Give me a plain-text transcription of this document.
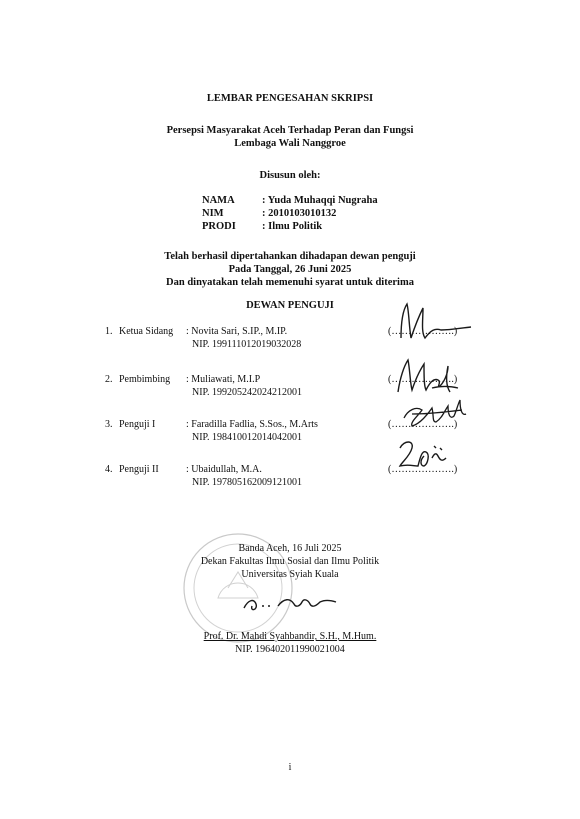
LEMBAR PENGESAHAN SKRIPSI
Persepsi Masyarakat Aceh Terhadap Peran dan Fungsi
Lembaga Wali Nanggroe
Disusun oleh:
NAMA	: Yuda Muhaqqi Nugraha
NIM	: 2010103010132
PRODI : Ilmu Politik
Telah berhasil dipertahankan dihadapan dewan penguji
Pada Tanggal, 26 Juni 2025
Dan dinyatakan telah memenuhi syarat untuk diterima
DEWAN PENGUJI
1. Ketua Sidang : Novita Sari, S.IP., M.IP.
NIP. 199111012019032028
(……………….)
2. Pembimbing : Muliawati, M.I.P
NIP. 199205242024212001
(……………….)
3. Penguji I	: Faradilla Fadlia, S.Sos., M.Arts
NIP. 198410012014042001
(……………….)
4. Penguji II	: Ubaidullah, M.A.
NIP. 197805162009121001
(……………….)
Banda Aceh, 16 Juli 2025
Dekan Fakultas Ilmu Sosial dan Ilmu Politik
Universitas Syiah Kuala
Prof. Dr. Mahdi Syahbandir, S.H., M.Hum.
NIP. 196402011990021004
i
